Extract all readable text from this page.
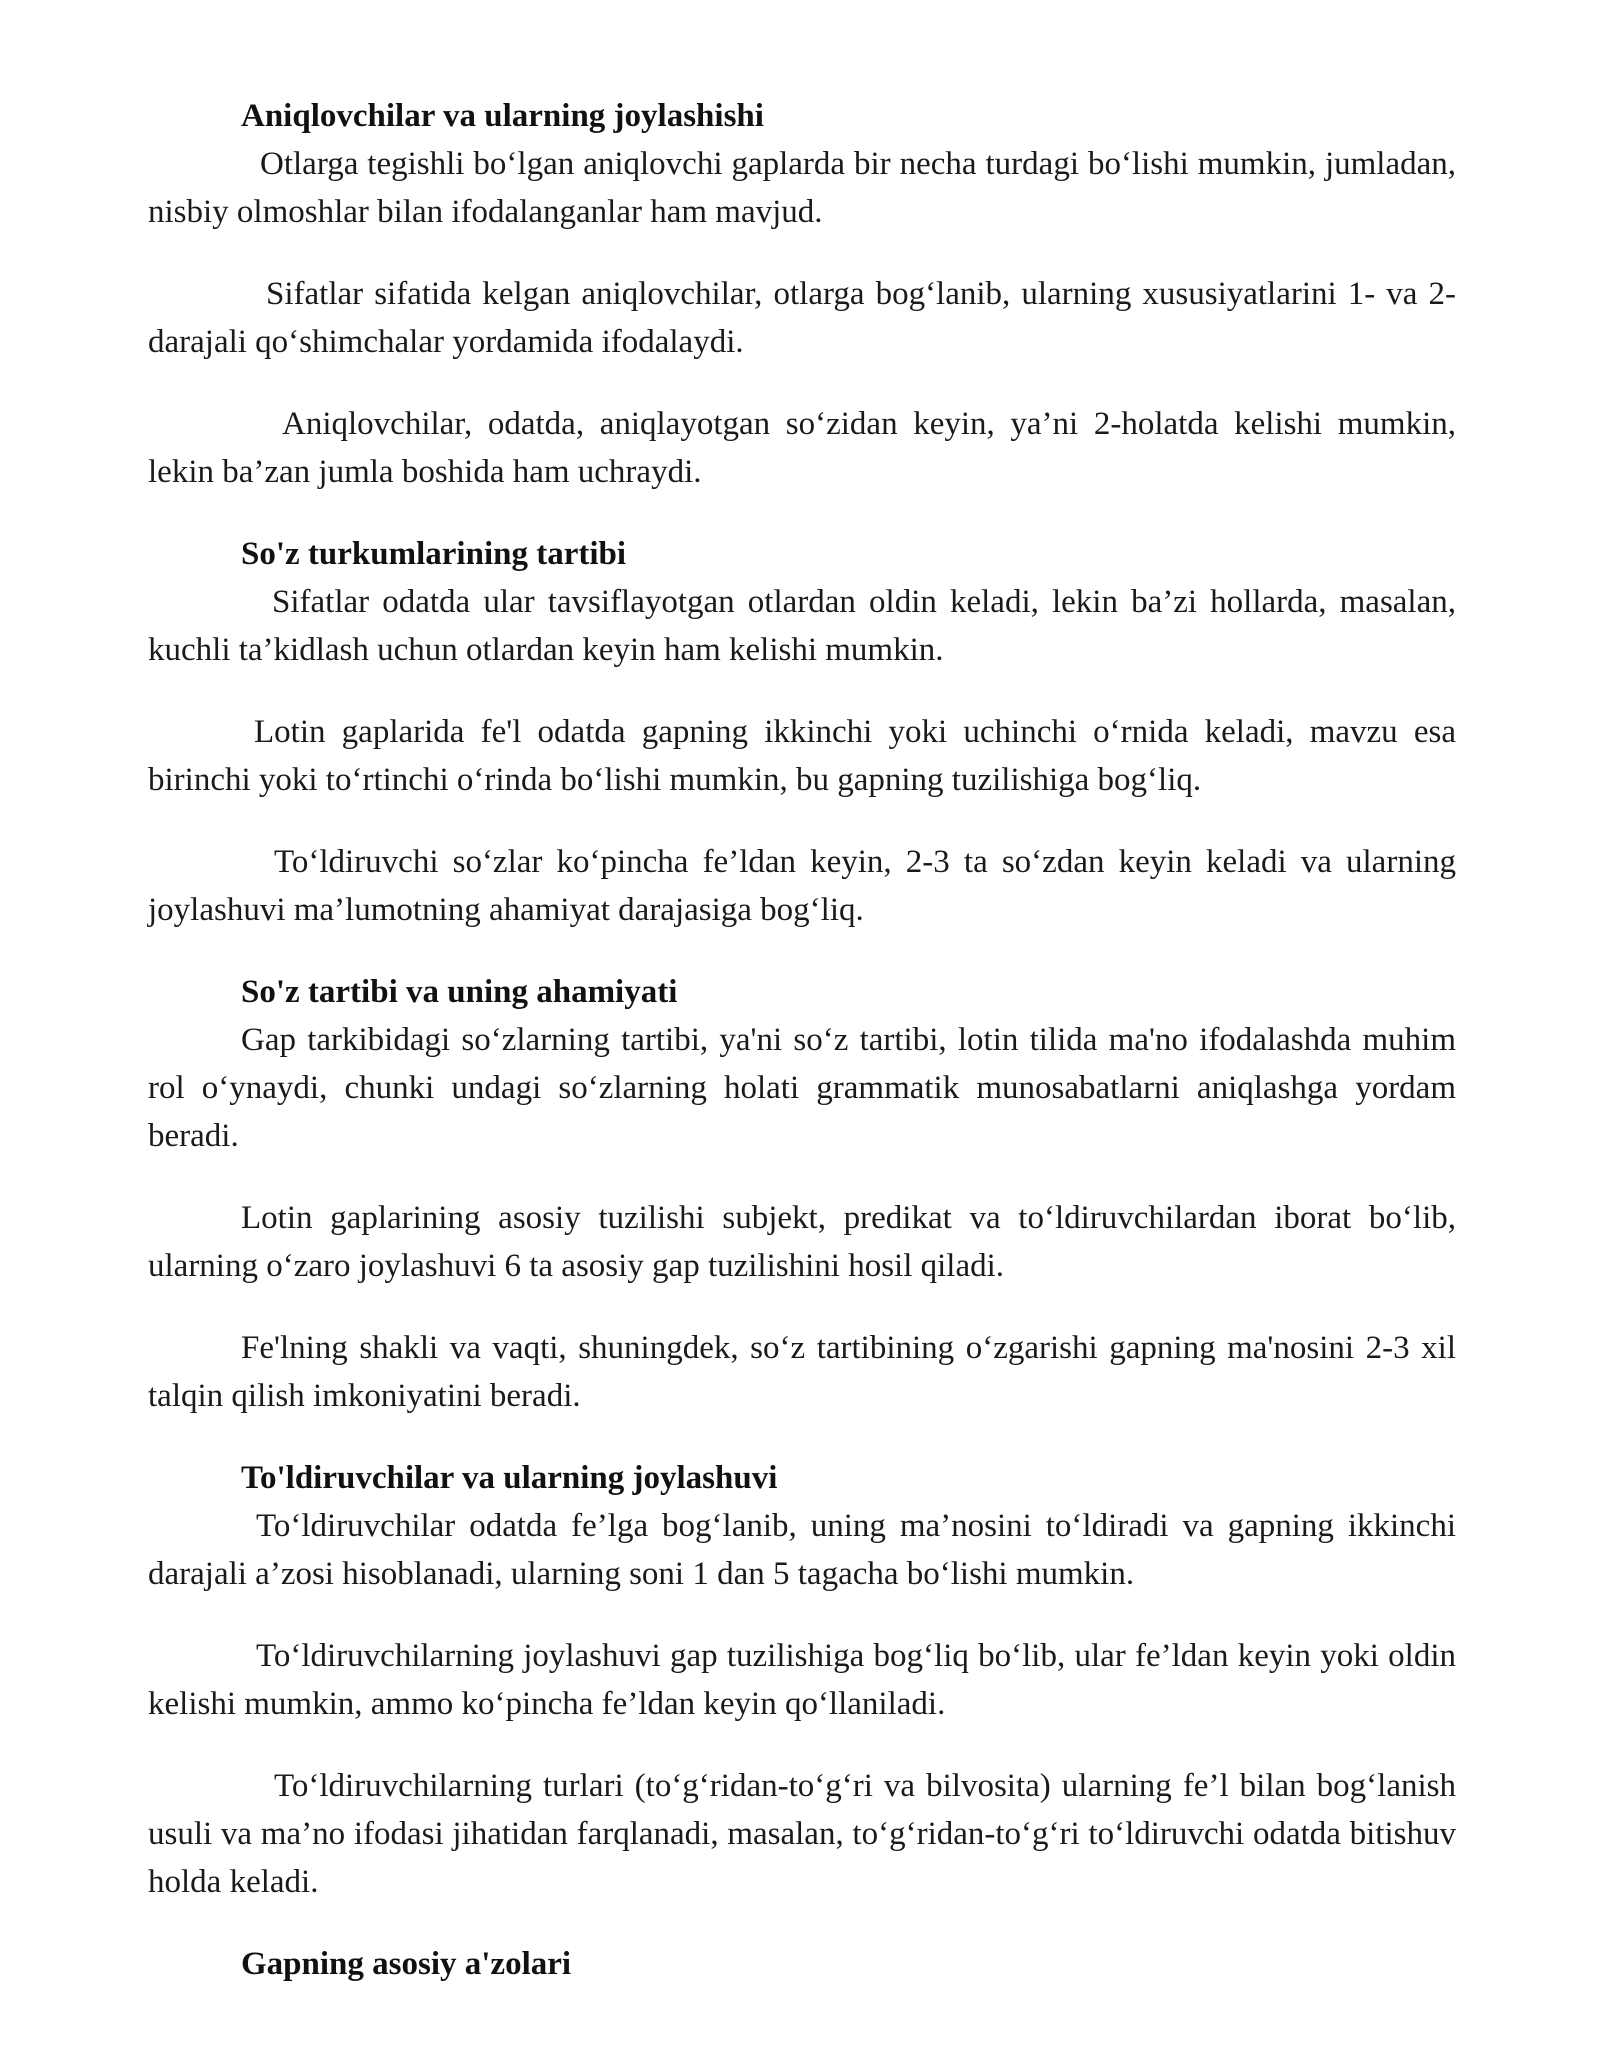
Aniqlovchilar va ularning joylashishi

Otlarga tegishli bo‘lgan aniqlovchi gaplarda bir necha turdagi bo‘lishi mumkin, jumladan, nisbiy olmoshlar bilan ifodalanganlar ham mavjud.

Sifatlar sifatida kelgan aniqlovchilar, otlarga bog‘lanib, ularning xususiyatlarini 1- va 2- darajali qo‘shimchalar yordamida ifodalaydi.

Aniqlovchilar, odatda, aniqlayotgan so‘zidan keyin, ya’ni 2-holatda kelishi mumkin, lekin ba’zan jumla boshida ham uchraydi.

So'z turkumlarining tartibi

Sifatlar odatda ular tavsiflayotgan otlardan oldin keladi, lekin ba’zi hollarda, masalan, kuchli ta’kidlash uchun otlardan keyin ham kelishi mumkin.

Lotin gaplarida fe'l odatda gapning ikkinchi yoki uchinchi o‘rnida keladi, mavzu esa birinchi yoki to‘rtinchi o‘rinda bo‘lishi mumkin, bu gapning tuzilishiga bog‘liq.

To‘ldiruvchi so‘zlar ko‘pincha fe’ldan keyin, 2-3 ta so‘zdan keyin keladi va ularning joylashuvi ma’lumotning ahamiyat darajasiga bog‘liq.

So'z tartibi va uning ahamiyati

Gap tarkibidagi so‘zlarning tartibi, ya'ni so‘z tartibi, lotin tilida ma'no ifodalashda muhim rol o‘ynaydi, chunki undagi so‘zlarning holati grammatik munosabatlarni aniqlashga yordam beradi.

Lotin gaplarining asosiy tuzilishi subjekt, predikat va to‘ldiruvchilardan iborat bo‘lib, ularning o‘zaro joylashuvi 6 ta asosiy gap tuzilishini hosil qiladi.

Fe'lning shakli va vaqti, shuningdek, so‘z tartibining o‘zgarishi gapning ma'nosini 2-3 xil talqin qilish imkoniyatini beradi.

To'ldiruvchilar va ularning joylashuvi

To‘ldiruvchilar odatda fe’lga bog‘lanib, uning ma’nosini to‘ldiradi va gapning ikkinchi darajali a’zosi hisoblanadi, ularning soni 1 dan 5 tagacha bo‘lishi mumkin.

To‘ldiruvchilarning joylashuvi gap tuzilishiga bog‘liq bo‘lib, ular fe’ldan keyin yoki oldin kelishi mumkin, ammo ko‘pincha fe’ldan keyin qo‘llaniladi.

To‘ldiruvchilarning turlari (to‘g‘ridan-to‘g‘ri va bilvosita) ularning fe’l bilan bog‘lanish usuli va ma’no ifodasi jihatidan farqlanadi, masalan, to‘g‘ridan-to‘g‘ri to‘ldiruvchi odatda bitishuv holda keladi.

Gapning asosiy a'zolari
